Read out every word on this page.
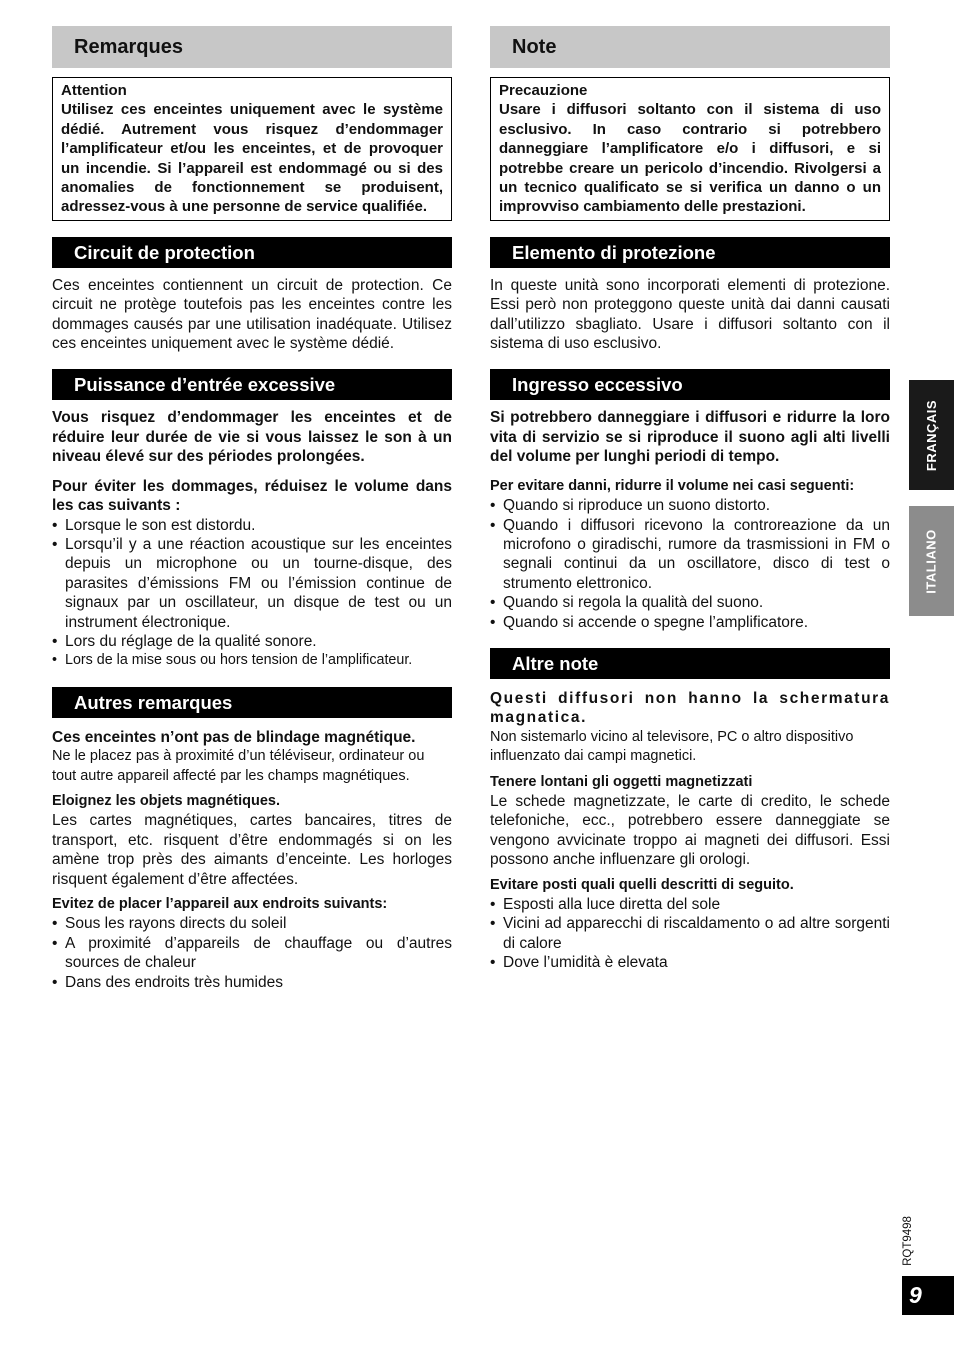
Remarques
Attention
Utilisez ces enceintes uniquement avec le système dédié. Autrement vous risquez d’endommager l’amplificateur et/ou les enceintes, et de provoquer un incendie. Si l’appareil est endommagé ou si des anomalies de fonctionnement se produisent, adressez-vous à une personne de service qualifiée.
Circuit de protection
Ces enceintes contiennent un circuit de protection. Ce circuit ne protège toutefois pas les enceintes contre les dommages causés par une utilisation inadéquate. Utilisez ces enceintes uniquement avec le système dédié.
Puissance d’entrée excessive
Vous risquez d’endommager les enceintes et de réduire leur durée de vie si vous laissez le son à un niveau élevé sur des périodes prolongées.
Pour éviter les dommages, réduisez le volume dans les cas suivants :
• Lorsque le son est distordu.
• Lorsqu’il y a une réaction acoustique sur les enceintes depuis un microphone ou un tourne-disque, des parasites d’émissions FM ou l’émission continue de signaux par un oscillateur, un disque de test ou un instrument électronique.
• Lors du réglage de la qualité sonore.
• Lors de la mise sous ou hors tension de l’amplificateur.
Autres remarques
Ces enceintes n’ont pas de blindage magnétique.
Ne le placez pas à proximité d’un téléviseur, ordinateur ou tout autre appareil affecté par les champs magnétiques.
Eloignez les objets magnétiques.
Les cartes magnétiques, cartes bancaires, titres de transport, etc. risquent d’être endommagés si on les amène trop près des aimants d’enceinte. Les horloges risquent également d’être affectées.
Evitez de placer l’appareil aux endroits suivants:
• Sous les rayons directs du soleil
• A proximité d’appareils de chauffage ou d’autres sources de chaleur
• Dans des endroits très humides
Note
Precauzione
Usare i diffusori soltanto con il sistema di uso esclusivo. In caso contrario si potrebbero danneggiare l’amplificatore e/o i diffusori, e si potrebbe creare un pericolo d’incendio. Rivolgersi a un tecnico qualificato se si verifica un danno o un improvviso cambiamento delle prestazioni.
Elemento di protezione
In queste unità sono incorporati elementi di protezione. Essi però non proteggono queste unità dai danni causati dall’utilizzo sbagliato. Usare i diffusori soltanto con il sistema di uso esclusivo.
Ingresso eccessivo
Si potrebbero danneggiare i diffusori e ridurre la loro vita di servizio se si riproduce il suono agli alti livelli del volume per lunghi periodi di tempo.
Per evitare danni, ridurre il volume nei casi seguenti:
• Quando si riproduce un suono distorto.
• Quando i diffusori ricevono la controreazione da un microfono o giradischi, rumore da trasmissioni in FM o segnali continui da un oscillatore, disco di test o strumento elettronico.
• Quando si regola la qualità del suono.
• Quando si accende o spegne l’amplificatore.
Altre note
Questi diffusori non hanno la schermatura magnatica.
Non sistemarlo vicino al televisore, PC o altro dispositivo influenzato dai campi magnetici.
Tenere lontani gli oggetti magnetizzati
Le schede magnetizzate, le carte di credito, le schede telefoniche, ecc., potrebbero essere danneggiate se vengono avvicinate troppo ai magneti dei diffusori. Essi possono anche influenzare gli orologi.
Evitare posti quali quelli descritti di seguito.
• Esposti alla luce diretta del sole
• Vicini ad apparecchi di riscaldamento o ad altre sorgenti di calore
• Dove l’umidità è elevata
FRANÇAIS
ITALIANO
RQT9498
9
